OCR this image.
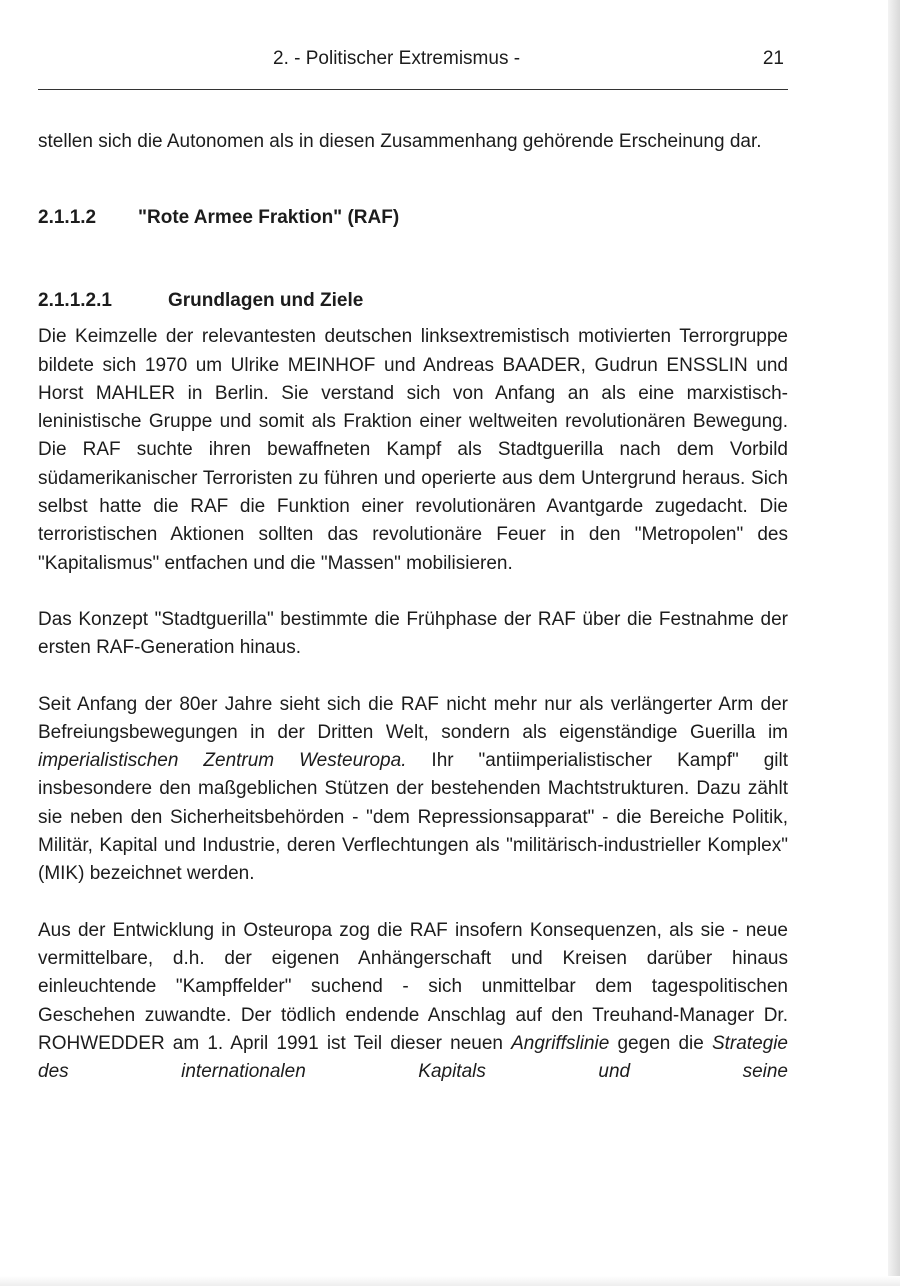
2. - Politischer Extremismus -	21

stellen sich die Autonomen als in diesen Zusammenhang gehörende Erscheinung dar.

2.1.1.2 "Rote Armee Fraktion" (RAF)
2.1.1.2.1	Grundlagen und Ziele

Die Keimzelle der relevantesten deutschen linksextremistisch motivierten Terrorgruppe bildete sich 1970 um Ulrike MEINHOF und Andreas BAADER, Gudrun ENSSLIN und Horst MAHLER in Berlin. Sie verstand sich von Anfang an als eine marxistisch-leninistische Gruppe und somit als Fraktion einer weltweiten revolutionären Bewegung. Die RAF suchte ihren bewaffneten Kampf als Stadtguerilla nach dem Vorbild südamerikanischer Terroristen zu führen und operierte aus dem Untergrund heraus. Sich selbst hatte die RAF die Funktion einer revolutionären Avantgarde zugedacht. Die terroristischen Aktionen sollten das revolutionäre Feuer in den "Metropolen" des "Kapitalismus" entfachen und die "Massen" mobilisieren.

Das Konzept "Stadtguerilla" bestimmte die Frühphase der RAF über die Festnahme der ersten RAF-Generation hinaus.

Seit Anfang der 80er Jahre sieht sich die RAF nicht mehr nur als verlängerter Arm der Befreiungsbewegungen in der Dritten Welt, sondern als eigenständige Guerilla im imperialistischen Zentrum Westeuropa. Ihr "antiimperialistischer Kampf" gilt insbesondere den maßgeblichen Stützen der bestehenden Machtstrukturen. Dazu zählt sie neben den Sicherheitsbehörden - "dem Repressionsapparat" - die Bereiche Politik, Militär, Kapital und Industrie, deren Verflechtungen als "militärisch-industrieller Komplex" (MIK) bezeichnet werden.

Aus der Entwicklung in Osteuropa zog die RAF insofern Konsequenzen, als sie - neue vermittelbare, d.h. der eigenen Anhängerschaft und Kreisen darüber hinaus einleuchtende "Kampffelder" suchend - sich unmittelbar dem tagespolitischen Geschehen zuwandte. Der tödlich endende Anschlag auf den Treuhand-Manager Dr. ROHWEDDER am 1. April 1991 ist Teil dieser neuen Angriffslinie gegen die Strategie des internationalen Kapitals und seine
